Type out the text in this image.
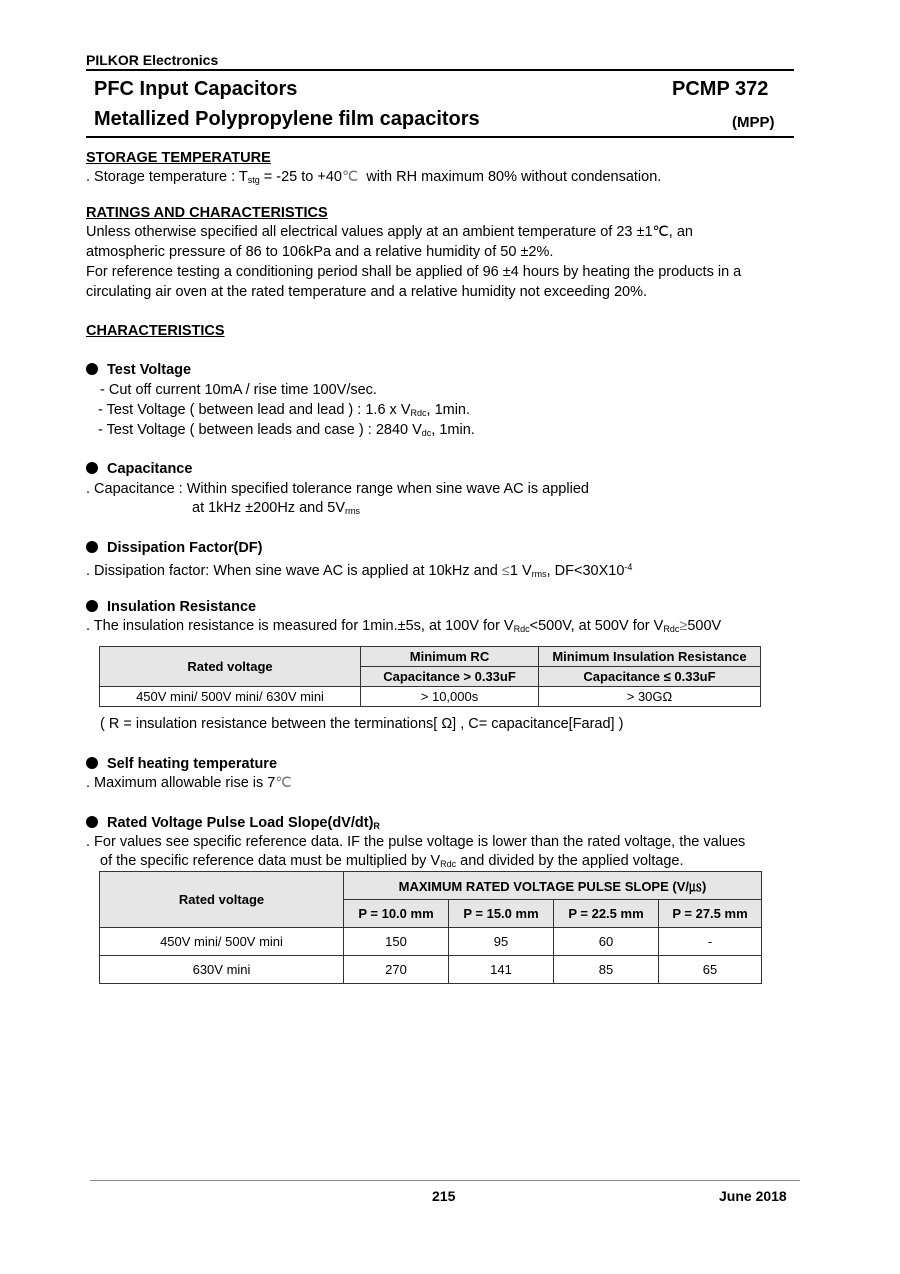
PILKOR Electronics
PFC Input Capacitors	PCMP 372
Metallized Polypropylene film capacitors	(MPP)
STORAGE TEMPERATURE
. Storage temperature : $T_{stg} = -25$ to +40℃  with RH maximum 80% without condensation.
RATINGS AND CHARACTERISTICS
Unless otherwise specified all electrical values apply at an ambient temperature of 23 ±1℃, an
atmospheric pressure of 86 to 106kPa and a relative humidity of 50 ±2%.
For reference testing a conditioning period shall be applied of 96 ±4 hours by heating the products in a
circulating air oven at the rated temperature and a relative humidity not exceeding 20%.
CHARACTERISTICS
Test Voltage
- Cut off current 10mA / rise time 100V/sec.
- Test Voltage ( between lead and lead ) : 1.6 x $V_{Rdc}$, 1min.
- Test Voltage ( between leads and case ) : 2840 $V_{dc}$, 1min.
Capacitance
. Capacitance : Within specified tolerance range when sine wave AC is applied
at 1kHz ±200Hz and $5V_{rms}$
Dissipation Factor(DF)
. Dissipation factor: When sine wave AC is applied at 10kHz and ≤1 $V_{rms}$, $DF<30X10^{-4}$
Insulation Resistance
. The insulation resistance is measured for 1min.±5s, at 100V for $V_{Rdc}<500V$, at 500V for $V_{Rdc}\ge 500V$
Rated voltage	Minimum RC	Minimum Insulation Resistance
	Capacitance > 0.33uF	Capacitance ≤ 0.33uF
450V mini/ 500V mini/ 630V mini	> 10,000s	> 30GΩ
( R = insulation resistance between the terminations[ Ω] , C= capacitance[Farad] )
Self heating temperature
. Maximum allowable rise is 7℃
Rated Voltage Pulse Load $Slope(dV/dt)_R$
. For values see specific reference data. IF the pulse voltage is lower than the rated voltage, the values
of the specific reference data must be multiplied by $V_{Rdc}$ and divided by the applied voltage.
Rated voltage	MAXIMUM RATED VOLTAGE PULSE SLOPE (V/㎲)			
	P = 10.0 mm	P = 15.0 mm	P = 22.5 mm	P = 27.5 mm
450V mini/ 500V mini	150	95	60	-
630V mini	270	141	85	65
215	June 2018
